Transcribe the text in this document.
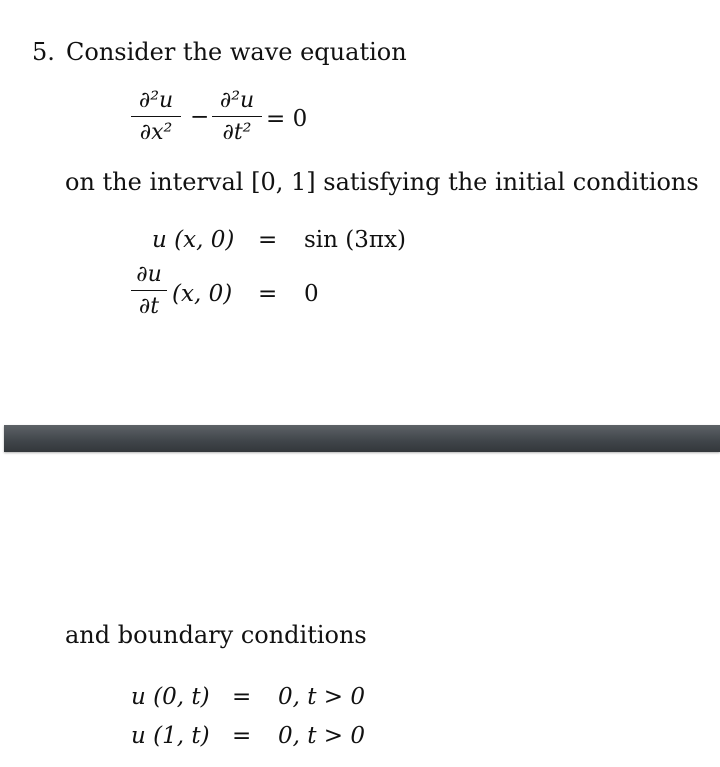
5. Consider the wave equation
∂²u
∂x²
−
∂²u
∂t²
= 0
on the interval [0, 1] satisfying the initial conditions
u (x, 0) = sin (3πx)
∂u
∂t (x, 0) = 0
and boundary conditions
u (0, t) = 0, t > 0
u (1, t) = 0, t > 0
